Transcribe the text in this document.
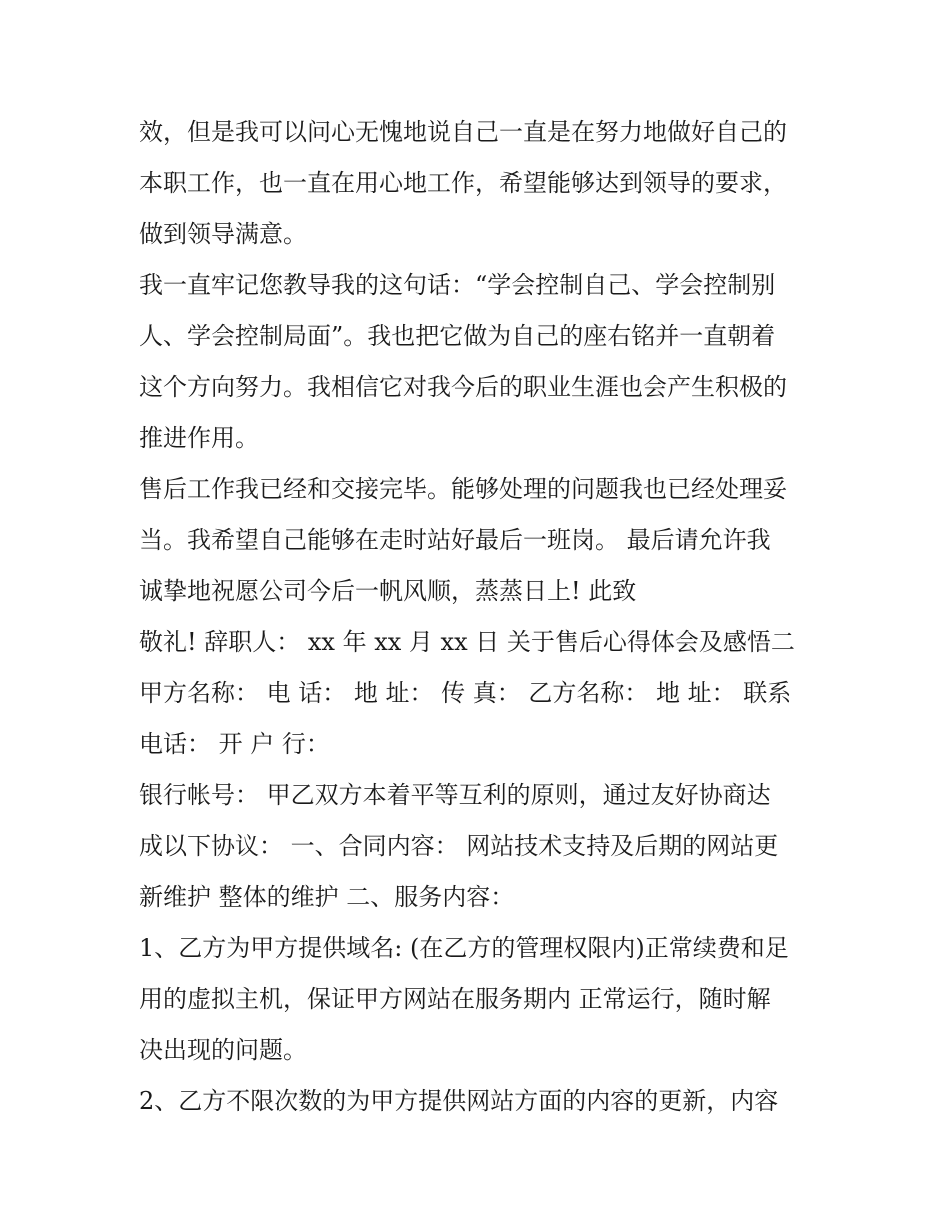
效，但是我可以问心无愧地说自己一直是在努力地做好自己的

本职工作，也一直在用心地工作，希望能够达到领导的要求，

做到领导满意。

我一直牢记您教导我的这句话：“学会控制自己、学会控制别

人、学会控制局面”。我也把它做为自己的座右铭并一直朝着

这个方向努力。我相信它对我今后的职业生涯也会产生积极的

推进作用。

售后工作我已经和交接完毕。能够处理的问题我也已经处理妥

当。我希望自己能够在走时站好最后一班岗。 最后请允许我

诚挚地祝愿公司今后一帆风顺，蒸蒸日上! 此致

敬礼! 辞职人： xx 年 xx 月 xx 日 关于售后心得体会及感悟二

甲方名称： 电 话： 地 址： 传 真： 乙方名称： 地 址： 联系

电话： 开 户 行：

银行帐号： 甲乙双方本着平等互利的原则，通过友好协商达

成以下协议： 一、合同内容： 网站技术支持及后期的网站更

新维护 整体的维护 二、服务内容：

1、乙方为甲方提供域名: (在乙方的管理权限内)正常续费和足

用的虚拟主机，保证甲方网站在服务期内 正常运行，随时解

决出现的问题。

2、乙方不限次数的为甲方提供网站方面的内容的更新，内容
